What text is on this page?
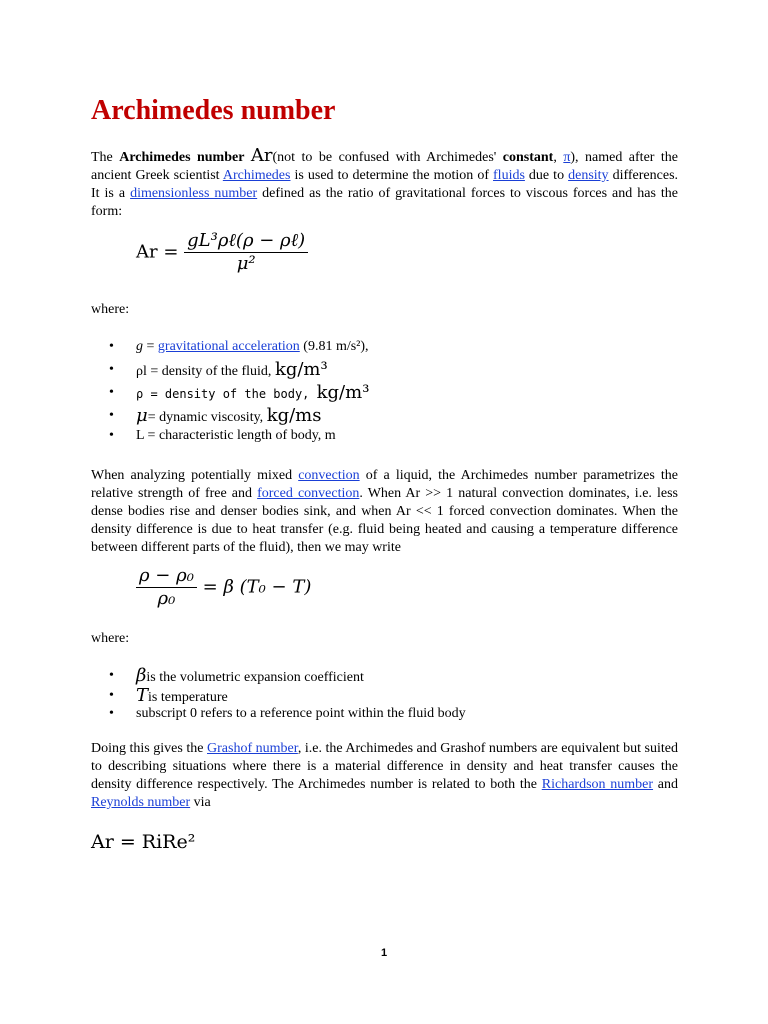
Archimedes number
The Archimedes number Ar(not to be confused with Archimedes' constant, π), named after the ancient Greek scientist Archimedes is used to determine the motion of fluids due to density differences. It is a dimensionless number defined as the ratio of gravitational forces to viscous forces and has the form:
$Ar = \frac{\text{gL³ρℓ(ρ − ρℓ)}}{\text{μ²}}$

where:

• g = gravitational acceleration (9.81 m/s²),
• ρl = density of the fluid, kg/m³
• ρ = density of the body, kg/m³
• μ= dynamic viscosity, kg/ms
• L = characteristic length of body, m
When analyzing potentially mixed convection of a liquid, the Archimedes number parametrizes the relative strength of free and forced convection. When Ar >> 1 natural convection dominates, i.e. less dense bodies rise and denser bodies sink, and when Ar << 1 forced convection dominates. When the density difference is due to heat transfer (e.g. fluid being heated and causing a temperature difference between different parts of the fluid), then we may write
$\frac{\text{ρ − ρ₀}}{\text{ρ₀}} = \beta$ (T₀ − T)

where:

• βis the volumetric expansion coefficient
• Tis temperature
• subscript 0 refers to a reference point within the fluid body
Doing this gives the Grashof number, i.e. the Archimedes and Grashof numbers are equivalent but suited to describing situations where there is a material difference in density and heat transfer causes the density difference respectively. The Archimedes number is related to both the Richardson number and Reynolds number via
Ar = RiRe²
1
